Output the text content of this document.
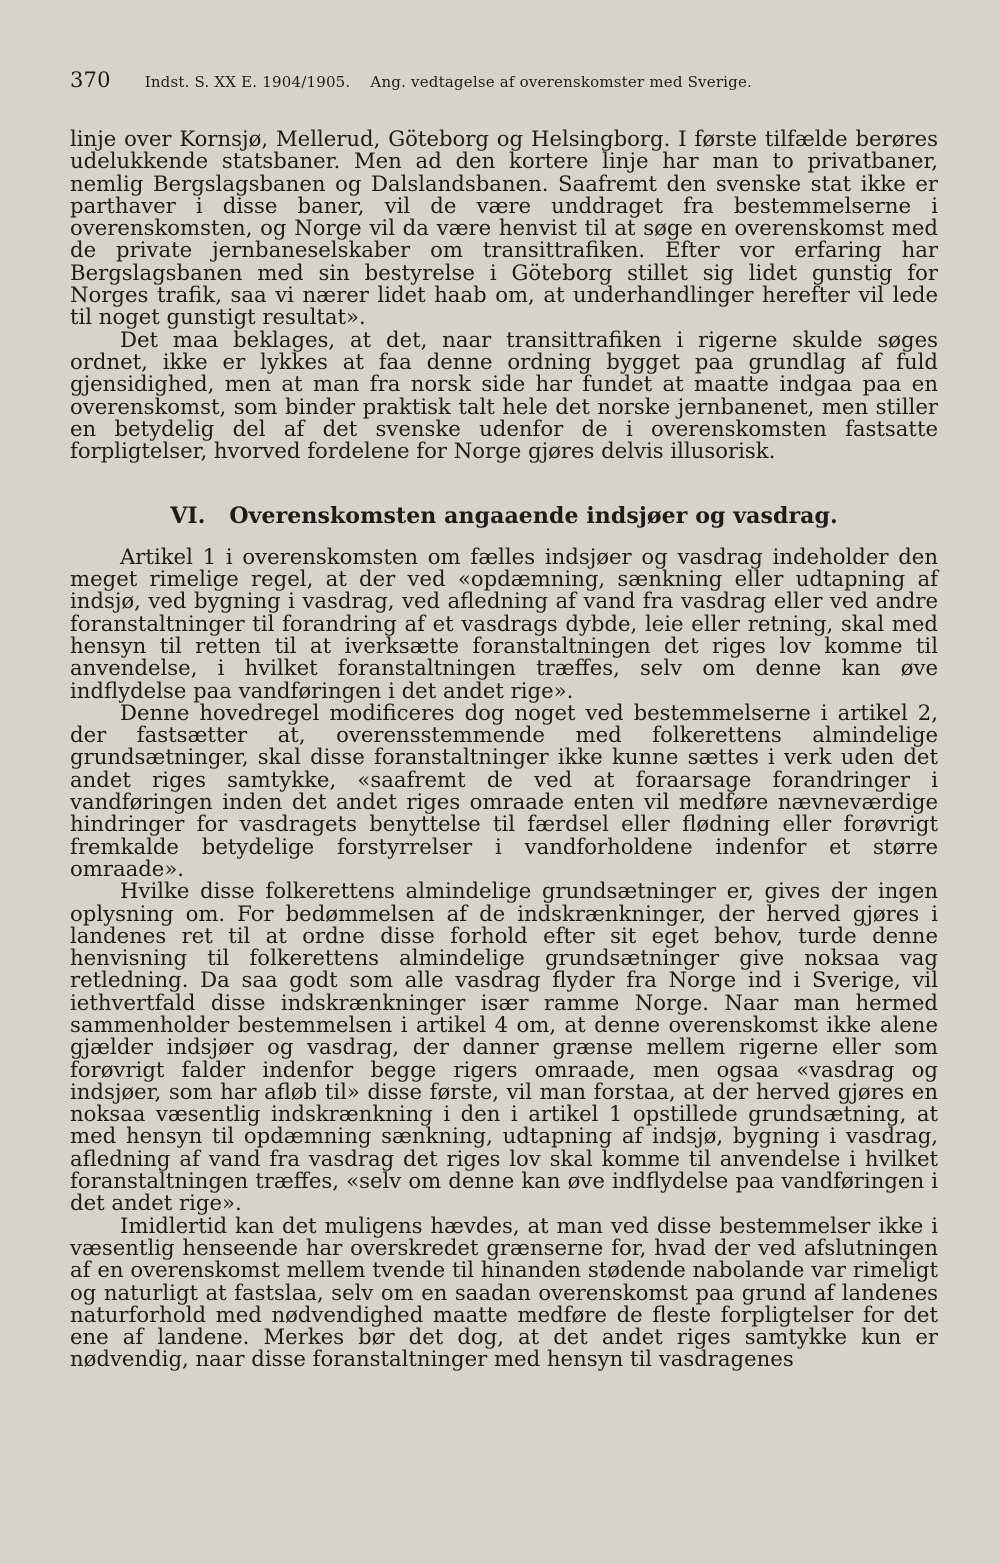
370 Indst. S. XX E. 1904/1905. Ang. vedtagelse af overenskomster med Sverige.

linje over Kornsjø, Mellerud, Göteborg og Helsingborg. I første tilfælde berøres udelukkende statsbaner. Men ad den kortere linje har man to privatbaner, nemlig Bergslagsbanen og Dalslandsbanen. Saafremt den svenske stat ikke er parthaver i disse baner, vil de være unddraget fra bestemmelserne i overenskomsten, og Norge vil da være henvist til at søge en overenskomst med de private jernbaneselskaber om transittrafiken. Efter vor erfaring har Bergslagsbanen med sin bestyrelse i Göteborg stillet sig lidet gunstig for Norges trafik, saa vi nærer lidet haab om, at underhandlinger herefter vil lede til noget gunstigt resultat».

Det maa beklages, at det, naar transittrafiken i rigerne skulde søges ordnet, ikke er lykkes at faa denne ordning bygget paa grundlag af fuld gjensidighed, men at man fra norsk side har fundet at maatte indgaa paa en overenskomst, som binder praktisk talt hele det norske jernbanenet, men stiller en betydelig del af det svenske udenfor de i overenskomsten fastsatte forpligtelser, hvorved fordelene for Norge gjøres delvis illusorisk.

VI. Overenskomsten angaaende indsjøer og vasdrag.

Artikel 1 i overenskomsten om fælles indsjøer og vasdrag indeholder den meget rimelige regel, at der ved «opdæmning, sænkning eller udtapning af indsjø, ved bygning i vasdrag, ved afledning af vand fra vasdrag eller ved andre foranstaltninger til forandring af et vasdrags dybde, leie eller retning, skal med hensyn til retten til at iverksætte foranstaltningen det riges lov komme til anvendelse, i hvilket foranstaltningen træffes, selv om denne kan øve indflydelse paa vandføringen i det andet rige».

Denne hovedregel modificeres dog noget ved bestemmelserne i artikel 2, der fastsætter at, overensstemmende med folkerettens almindelige grundsætninger, skal disse foranstaltninger ikke kunne sættes i verk uden det andet riges samtykke, «saafremt de ved at foraarsage forandringer i vandføringen inden det andet riges omraade enten vil medføre nævneværdige hindringer for vasdragets benyttelse til færdsel eller flødning eller forøvrigt fremkalde betydelige forstyrrelser i vandforholdene indenfor et større omraade».

Hvilke disse folkerettens almindelige grundsætninger er, gives der ingen oplysning om. For bedømmelsen af de indskrænkninger, der herved gjøres i landenes ret til at ordne disse forhold efter sit eget behov, turde denne henvisning til folkerettens almindelige grundsætninger give noksaa vag retledning. Da saa godt som alle vasdrag flyder fra Norge ind i Sverige, vil iethvertfald disse indskrænkninger især ramme Norge. Naar man hermed sammenholder bestemmelsen i artikel 4 om, at denne overenskomst ikke alene gjælder indsjøer og vasdrag, der danner grænse mellem rigerne eller som forøvrigt falder indenfor begge rigers omraade, men ogsaa «vasdrag og indsjøer, som har afløb til» disse første, vil man forstaa, at der herved gjøres en noksaa væsentlig indskrænkning i den i artikel 1 opstillede grundsætning, at med hensyn til opdæmning sænkning, udtapning af indsjø, bygning i vasdrag, afledning af vand fra vasdrag det riges lov skal komme til anvendelse i hvilket foranstaltningen træffes, «selv om denne kan øve indflydelse paa vandføringen i det andet rige».

Imidlertid kan det muligens hævdes, at man ved disse bestemmelser ikke i væsentlig henseende har overskredet grænserne for, hvad der ved afslutningen af en overenskomst mellem tvende til hinanden stødende nabolande var rimeligt og naturligt at fastslaa, selv om en saadan overenskomst paa grund af landenes naturforhold med nødvendighed maatte medføre de fleste forpligtelser for det ene af landene. Merkes bør det dog, at det andet riges samtykke kun er nødvendig, naar disse foranstaltninger med hensyn til vasdragenes
